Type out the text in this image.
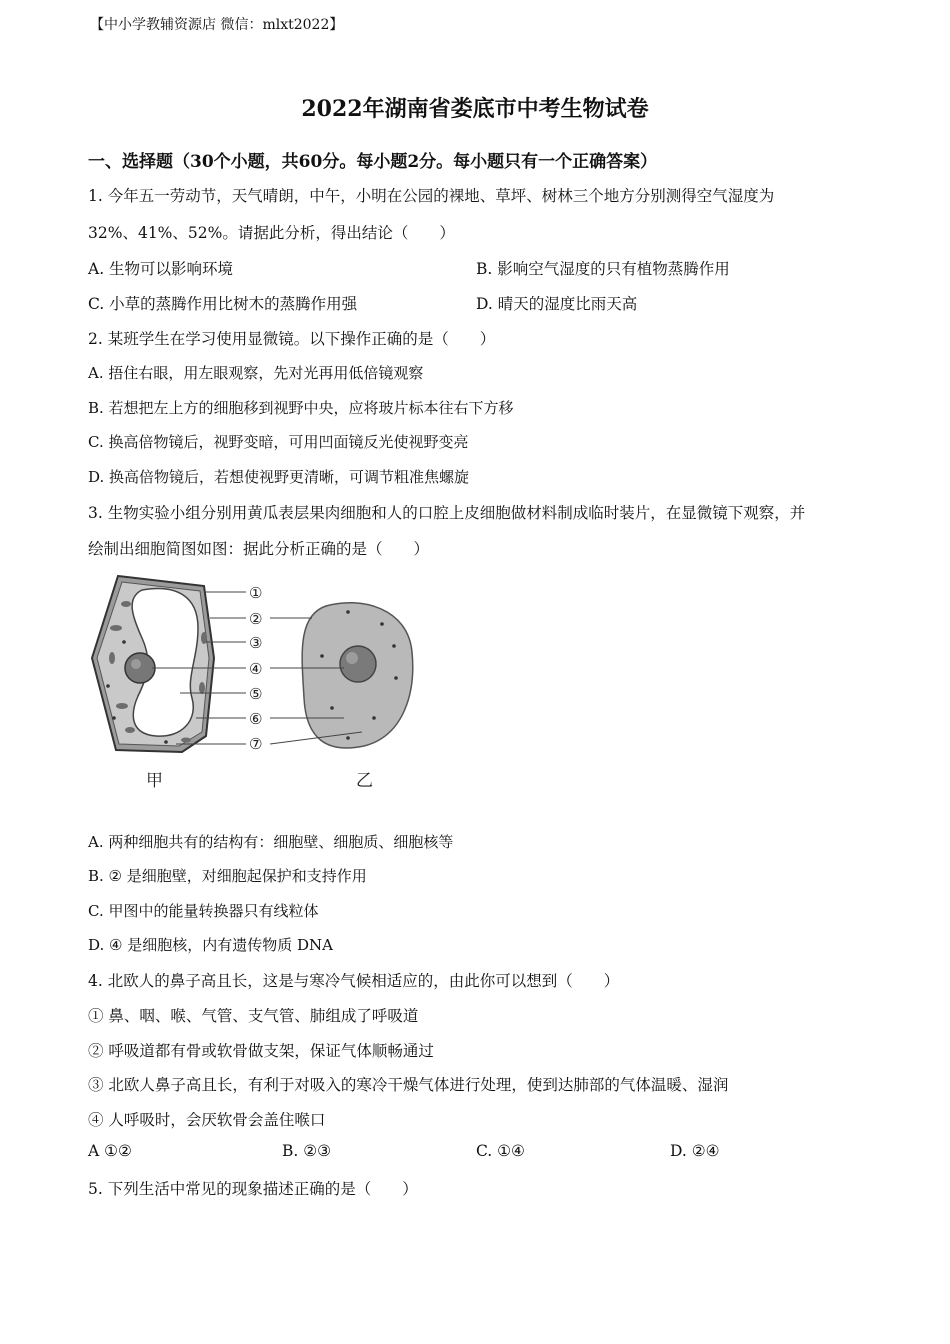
【中小学教辅资源店 微信：mlxt2022】
2022年湖南省娄底市中考生物试卷
一、选择题（30个小题，共60分。每小题2分。每小题只有一个正确答案）
1. 今年五一劳动节，天气晴朗，中午，小明在公园的裸地、草坪、树林三个地方分别测得空气湿度为
32%、41%、52%。请据此分析，得出结论（　　）
A. 生物可以影响环境	B. 影响空气湿度的只有植物蒸腾作用
C. 小草的蒸腾作用比树木的蒸腾作用强	D. 晴天的湿度比雨天高
2. 某班学生在学习使用显微镜。以下操作正确的是（　　）
A. 捂住右眼，用左眼观察，先对光再用低倍镜观察
B. 若想把左上方的细胞移到视野中央，应将玻片标本往右下方移
C. 换高倍物镜后，视野变暗，可用凹面镜反光使视野变亮
D. 换高倍物镜后，若想使视野更清晰，可调节粗准焦螺旋
3. 生物实验小组分别用黄瓜表层果肉细胞和人的口腔上皮细胞做材料制成临时装片，在显微镜下观察，并
绘制出细胞简图如图：据此分析正确的是（　　）
①
②
③
④
⑤
⑥
⑦
甲	乙
A. 两种细胞共有的结构有：细胞壁、细胞质、细胞核等
B. ② 是细胞壁，对细胞起保护和支持作用
C. 甲图中的能量转换器只有线粒体
D. ④ 是细胞核，内有遗传物质 DNA
4. 北欧人的鼻子高且长，这是与寒冷气候相适应的，由此你可以想到（　　）
① 鼻、咽、喉、气管、支气管、肺组成了呼吸道
② 呼吸道都有骨或软骨做支架，保证气体顺畅通过
③ 北欧人鼻子高且长，有利于对吸入的寒冷干燥气体进行处理，使到达肺部的气体温暖、湿润
④ 人呼吸时，会厌软骨会盖住喉口
A ①②	B. ②③	C. ①④	D. ②④
5. 下列生活中常见的现象描述正确的是（　　）
